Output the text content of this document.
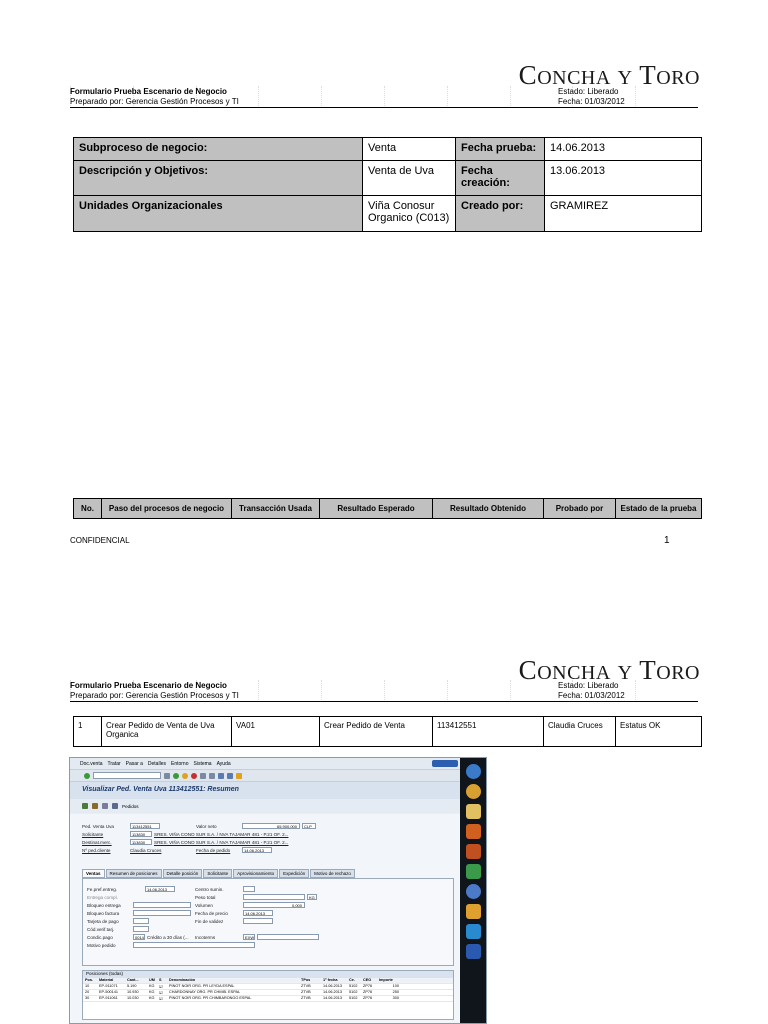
CONCHA Y TORO
Formulario Prueba Escenario de Negocio
Preparado por: Gerencia Gestión Procesos y TI
Estado: Liberado
Fecha: 01/03/2012
Subproceso de negocio:	Venta	Fecha prueba:	14.06.2013
Descripción y Objetivos:	Venta de Uva	Fecha creación:	13.06.2013
Unidades Organizacionales	Viña Conosur Organico (C013)	Creado por:	GRAMIREZ
No.	Paso del procesos de negocio	Transacción Usada	Resultado Esperado	Resultado Obtenido	Probado por	Estado de la prueba
CONFIDENCIAL	1
CONCHA Y TORO
Formulario Prueba Escenario de Negocio
Preparado por: Gerencia Gestión Procesos y TI
Estado: Liberado
Fecha: 01/03/2012
1	Crear Pedido de Venta de Uva Organica	VA01	Crear Pedido de Venta	113412551	Claudia Cruces	Estatus OK
Doc.venta Tratar Pasar a Detalles Entorno Sistema Ayuda
Visualizar Ped. Venta Uva 113412551: Resumen
Pedidos
Ped. Venta Uva	113412551	Valor neto	65.900,000	CLP
Solicitante	113830	SRES. VIÑA CONO SUR S.A. / NVA TAJAMAR 481 - P.21 OF. 2...
Destinat.merc.	113830	SRES. VIÑA CONO SUR S.A. / NVA TAJAMAR 481 - P.21 OF. 2...
Nº ped.cliente	Claudia Cruces	Fecha de pedido	14.06.2013
Ventas	Resumen de posiciones	Detalle posición	Solicitante	Aprovisionamiento	Expedición	Motivo de rechazo
Fe.pref.entreg.	14.06.2013	Centro sumin.
Entrega compl.	Peso total	KG
Bloqueo entrega	Volumen	0,000
Bloqueo factura	Fecha de precio	14.06.2013
Tarjeta de pago	Fin de validez
Cód.verif.tarj.
Condic.pago	0014 Crédito a 30 días (... Incoterms	EXW
Motivo pedido
Posiciones (todas)
Pos.	Material	Cant...	UM	S	Denominación	TPos	1ª fecha	Ce.	CEO	Importe
10	EP-911071	5.190	KG	☑	PINOT NOIR ORG. PR LEYDA ESPAL	ZTVB	14.06.2013	5102	ZP76	100
20	EP-500141	10.930	KG	☑	CHARDONNAY ORG. PR CHIMB. ESPAL	ZTVB	14.06.2013	5102	ZP76	250
30	EP-911061	10.030	KG	☑	PINOT NOIR ORG. PR CHIMBARONGO ESPAL	ZTVB	14.06.2013	5102	ZP76	300
